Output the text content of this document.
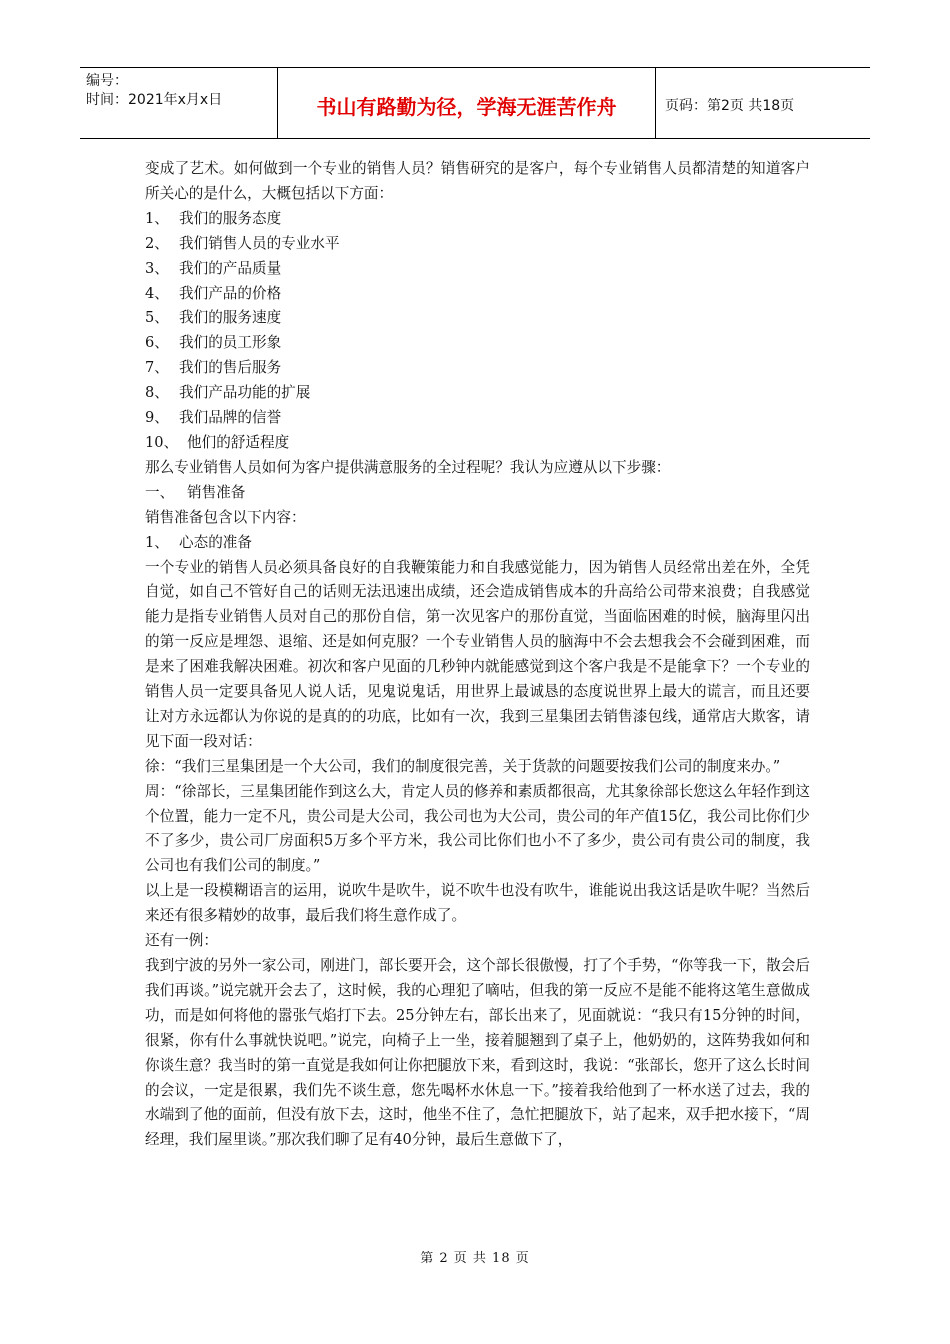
编号：
时间：2021年x月x日	书山有路勤为径，学海无涯苦作舟	页码：第2页 共18页

变成了艺术。如何做到一个专业的销售人员？销售研究的是客户，每个专业销售人员都清楚的知道客户所关心的是什么，大概包括以下方面：

1、 我们的服务态度

2、 我们销售人员的专业水平

3、 我们的产品质量

4、 我们产品的价格

5、 我们的服务速度

6、 我们的员工形象

7、 我们的售后服务

8、 我们产品功能的扩展

9、 我们品牌的信誉

10、 他们的舒适程度

那么专业销售人员如何为客户提供满意服务的全过程呢？我认为应遵从以下步骤：

一、 销售准备

销售准备包含以下内容：

1、 心态的准备

一个专业的销售人员必须具备良好的自我鞭策能力和自我感觉能力，因为销售人员经常出差在外，全凭自觉，如自己不管好自己的话则无法迅速出成绩，还会造成销售成本的升高给公司带来浪费；自我感觉能力是指专业销售人员对自己的那份自信，第一次见客户的那份直觉，当面临困难的时候，脑海里闪出的第一反应是埋怨、退缩、还是如何克服？一个专业销售人员的脑海中不会去想我会不会碰到困难，而是来了困难我解决困难。初次和客户见面的几秒钟内就能感觉到这个客户我是不是能拿下？一个专业的销售人员一定要具备见人说人话，见鬼说鬼话，用世界上最诚恳的态度说世界上最大的谎言，而且还要让对方永远都认为你说的是真的的功底，比如有一次，我到三星集团去销售漆包线，通常店大欺客，请见下面一段对话：

徐：“我们三星集团是一个大公司，我们的制度很完善，关于货款的问题要按我们公司的制度来办。”

周：“徐部长，三星集团能作到这么大，肯定人员的修养和素质都很高，尤其象徐部长您这么年轻作到这个位置，能力一定不凡，贵公司是大公司，我公司也为大公司，贵公司的年产值15亿，我公司比你们少不了多少，贵公司厂房面积5万多个平方米，我公司比你们也小不了多少，贵公司有贵公司的制度，我公司也有我们公司的制度。”

以上是一段模糊语言的运用，说吹牛是吹牛，说不吹牛也没有吹牛，谁能说出我这话是吹牛呢？当然后来还有很多精妙的故事，最后我们将生意作成了。

还有一例：

我到宁波的另外一家公司，刚进门，部长要开会，这个部长很傲慢，打了个手势，“你等我一下，散会后我们再谈。”说完就开会去了，这时候，我的心理犯了嘀咕，但我的第一反应不是能不能将这笔生意做成功，而是如何将他的嚣张气焰打下去。25分钟左右，部长出来了，见面就说：“我只有15分钟的时间，很紧，你有什么事就快说吧。”说完，向椅子上一坐，接着腿翘到了桌子上，他奶奶的，这阵势我如何和你谈生意？我当时的第一直觉是我如何让你把腿放下来，看到这时，我说：“张部长，您开了这么长时间的会议，一定是很累，我们先不谈生意，您先喝杯水休息一下。”接着我给他到了一杯水送了过去，我的水端到了他的面前，但没有放下去，这时，他坐不住了，急忙把腿放下，站了起来，双手把水接下，“周经理，我们屋里谈。”那次我们聊了足有40分钟，最后生意做下了，

第 2 页 共 18 页
